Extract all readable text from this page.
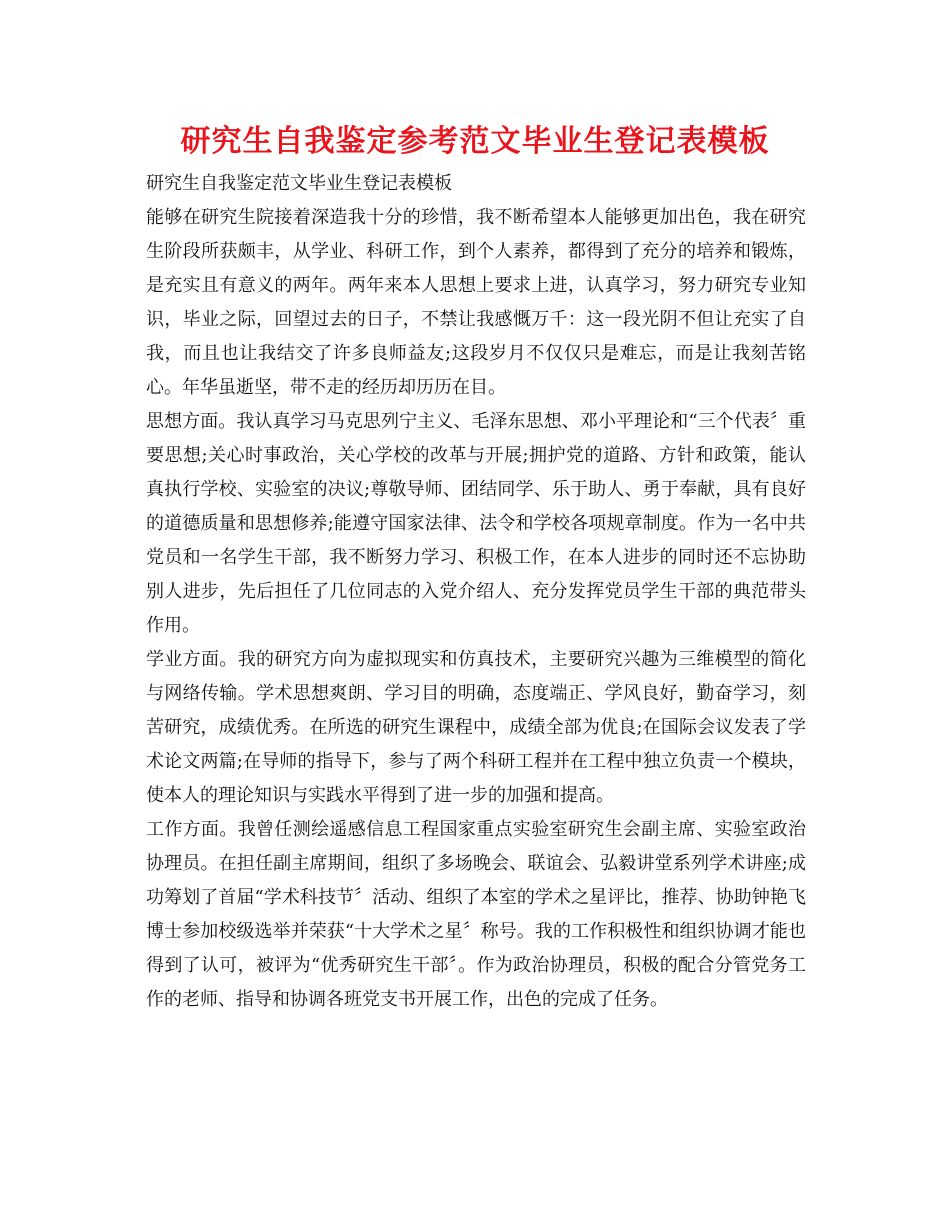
研究生自我鉴定参考范文毕业生登记表模板

研究生自我鉴定范文毕业生登记表模板

能够在研究生院接着深造我十分的珍惜，我不断希望本人能够更加出色，我在研究生阶段所获颇丰，从学业、科研工作，到个人素养，都得到了充分的培养和锻炼，是充实且有意义的两年。两年来本人思想上要求上进，认真学习，努力研究专业知识，毕业之际，回望过去的日子，不禁让我感慨万千：这一段光阴不但让充实了自我，而且也让我结交了许多良师益友;这段岁月不仅仅只是难忘，而是让我刻苦铭心。年华虽逝坚，带不走的经历却历历在目。

思想方面。我认真学习马克思列宁主义、毛泽东思想、邓小平理论和“三个代表〞重要思想;关心时事政治，关心学校的改革与开展;拥护党的道路、方针和政策，能认真执行学校、实验室的决议;尊敬导师、团结同学、乐于助人、勇于奉献，具有良好的道德质量和思想修养;能遵守国家法律、法令和学校各项规章制度。作为一名中共党员和一名学生干部，我不断努力学习、积极工作，在本人进步的同时还不忘协助别人进步，先后担任了几位同志的入党介绍人、充分发挥党员学生干部的典范带头作用。

学业方面。我的研究方向为虚拟现实和仿真技术，主要研究兴趣为三维模型的简化与网络传输。学术思想爽朗、学习目的明确，态度端正、学风良好，勤奋学习，刻苦研究，成绩优秀。在所选的研究生课程中，成绩全部为优良;在国际会议发表了学术论文两篇;在导师的指导下，参与了两个科研工程并在工程中独立负责一个模块，使本人的理论知识与实践水平得到了进一步的加强和提高。

工作方面。我曾任测绘遥感信息工程国家重点实验室研究生会副主席、实验室政治协理员。在担任副主席期间，组织了多场晚会、联谊会、弘毅讲堂系列学术讲座;成功筹划了首届“学术科技节〞活动、组织了本室的学术之星评比，推荐、协助钟艳飞博士参加校级选举并荣获“十大学术之星〞称号。我的工作积极性和组织协调才能也得到了认可，被评为“优秀研究生干部〞。作为政治协理员，积极的配合分管党务工作的老师、指导和协调各班党支书开展工作，出色的完成了任务。
